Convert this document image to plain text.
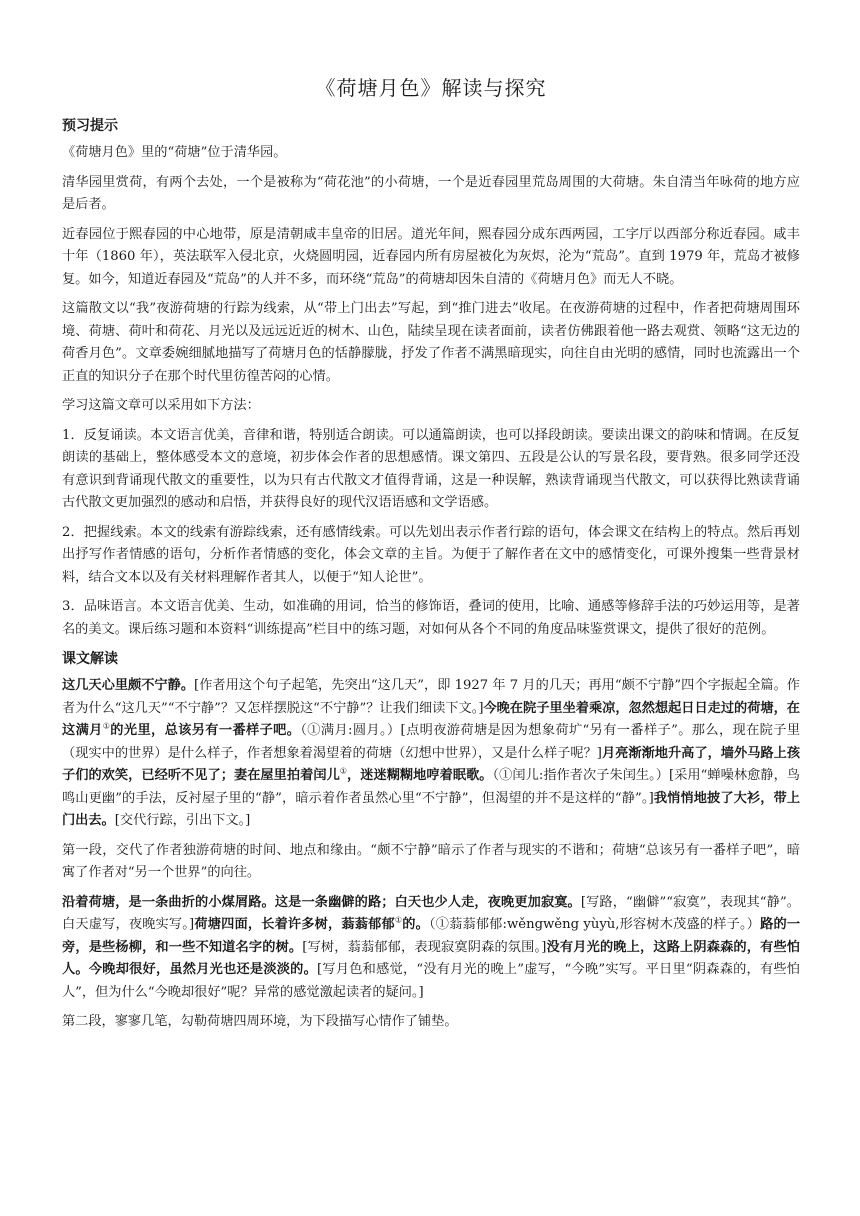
《荷塘月色》解读与探究
预习提示

《荷塘月色》里的“荷塘”位于清华园。

清华园里赏荷，有两个去处，一个是被称为“荷花池”的小荷塘，一个是近春园里荒岛周围的大荷塘。朱自清当年咏荷的地方应是后者。

近春园位于熙春园的中心地带，原是清朝咸丰皇帝的旧居。道光年间，熙春园分成东西两园，工字厅以西部分称近春园。咸丰十年（1860 年），英法联军入侵北京，火烧圆明园，近春园内所有房屋被化为灰烬，沦为“荒岛”。直到 1979 年，荒岛才被修复。如今，知道近春园及“荒岛”的人并不多，而环绕“荒岛”的荷塘却因朱自清的《荷塘月色》而无人不晓。

这篇散文以“我”夜游荷塘的行踪为线索，从“带上门出去”写起，到“推门进去”收尾。在夜游荷塘的过程中，作者把荷塘周围环境、荷塘、荷叶和荷花、月光以及远远近近的树木、山色，陆续呈现在读者面前，读者仿佛跟着他一路去观赏、领略“这无边的荷香月色”。文章委婉细腻地描写了荷塘月色的恬静朦胧，抒发了作者不满黑暗现实，向往自由光明的感情，同时也流露出一个正直的知识分子在那个时代里彷徨苦闷的心情。

学习这篇文章可以采用如下方法：

1．反复诵读。本文语言优美，音律和谐，特别适合朗读。可以通篇朗读，也可以择段朗读。要读出课文的韵味和情调。在反复朗读的基础上，整体感受本文的意境，初步体会作者的思想感情。课文第四、五段是公认的写景名段，要背熟。很多同学还没有意识到背诵现代散文的重要性，以为只有古代散文才值得背诵，这是一种误解，熟读背诵现当代散文，可以获得比熟读背诵古代散文更加强烈的感动和启悟，并获得良好的现代汉语语感和文学语感。

2．把握线索。本文的线索有游踪线索，还有感情线索。可以先划出表示作者行踪的语句，体会课文在结构上的特点。然后再划出抒写作者情感的语句，分析作者情感的变化，体会文章的主旨。为便于了解作者在文中的感情变化，可课外搜集一些背景材料，结合文本以及有关材料理解作者其人，以便于“知人论世”。

3．品味语言。本文语言优美、生动，如准确的用词，恰当的修饰语，叠词的使用，比喻、通感等修辞手法的巧妙运用等，是著名的美文。课后练习题和本资料“训练提高”栏目中的练习题，对如何从各个不同的角度品味鉴赏课文，提供了很好的范例。

课文解读

这几天心里颇不宁静。[作者用这个句子起笔，先突出“这几天”，即 1927 年 7 月的几天；再用“颇不宁静”四个字振起全篇。作者为什么“这几天”“不宁静”？又怎样摆脱这“不宁静”？让我们细读下文。]今晚在院子里坐着乘凉，忽然想起日日走过的荷塘，在这满月①的光里，总该另有一番样子吧。（①满月:圆月。）[点明夜游荷塘是因为想象荷圹“另有一番样子”。那么，现在院子里（现实中的世界）是什么样子，作者想象着渴望着的荷塘（幻想中世界），又是什么样子呢？]月亮渐渐地升高了，墙外马路上孩子们的欢笑，已经听不见了；妻在屋里拍着闰儿①，迷迷糊糊地哼着眠歌。（①闰儿:指作者次子朱闰生。）[采用“蝉噪林愈静，鸟鸣山更幽”的手法，反衬屋子里的“静”，暗示着作者虽然心里“不宁静”，但渴望的并不是这样的“静”。]我悄悄地披了大衫，带上门出去。[交代行踪，引出下文。]

第一段，交代了作者独游荷塘的时间、地点和缘由。“颇不宁静”暗示了作者与现实的不谐和；荷塘“总该另有一番样子吧”，暗寓了作者对“另一个世界”的向往。

沿着荷塘，是一条曲折的小煤屑路。这是一条幽僻的路；白天也少人走，夜晚更加寂寞。[写路，“幽僻”“寂寞”，表现其“静”。白天虚写，夜晚实写。]荷塘四面，长着许多树，蓊蓊郁郁①的。（①蓊蓊郁郁:wěngwěng yùyù,形容树木茂盛的样子。）路的一旁，是些杨柳，和一些不知道名字的树。[写树，蓊蓊郁郁，表现寂寞阴森的氛围。]没有月光的晚上，这路上阴森森的，有些怕人。今晚却很好，虽然月光也还是淡淡的。[写月色和感觉，“没有月光的晚上”虚写，“今晚”实写。平日里“阴森森的，有些怕人”，但为什么“今晚却很好”呢？异常的感觉激起读者的疑问。]

第二段，寥寥几笔，勾勒荷塘四周环境，为下段描写心情作了铺垫。
